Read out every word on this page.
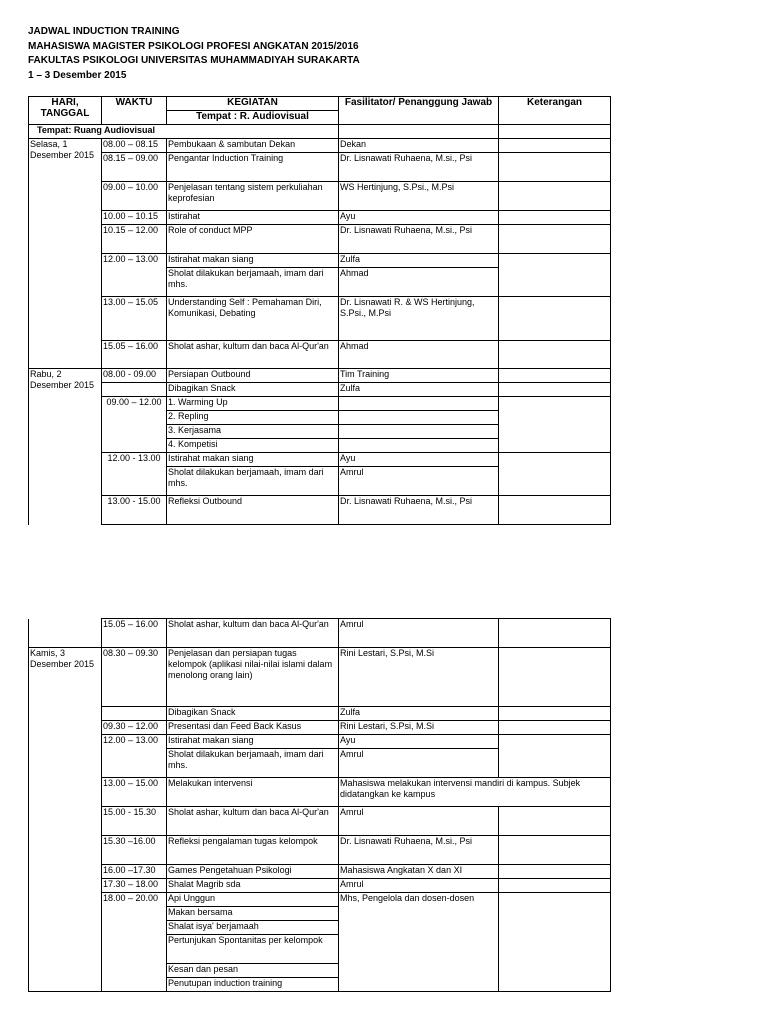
JADWAL INDUCTION TRAINING
MAHASISWA MAGISTER PSIKOLOGI PROFESI ANGKATAN 2015/2016
FAKULTAS PSIKOLOGI UNIVERSITAS MUHAMMADIYAH SURAKARTA
1 – 3 Desember 2015
HARI, TANGGAL	WAKTU	KEGIATAN	Fasilitator/ Penanggung Jawab	Keterangan
		Tempat : R. Audiovisual		
Tempat: Ruang Audiovisual				
Selasa, 1 Desember 2015	08.00 – 08.15	Pembukaan & sambutan Dekan	Dekan	
	08.15 – 09.00	Pengantar Induction Training	Dr. Lisnawati Ruhaena, M.si., Psi	
	09.00 – 10.00	Penjelasan tentang sistem perkuliahan keprofesian	WS Hertinjung, S.Psi., M.Psi	
	10.00 – 10.15	Istirahat	Ayu	
	10.15 – 12.00	Role of conduct MPP	Dr. Lisnawati Ruhaena, M.si., Psi	
	12.00 – 13.00	Istirahat makan siang	Zulfa	
		Sholat dilakukan berjamaah, imam dari mhs.	Ahmad	
	13.00 – 15.05	Understanding Self : Pemahaman Diri, Komunikasi, Debating	Dr. Lisnawati R. & WS Hertinjung, S.Psi., M.Psi	
	15.05 – 16.00	Sholat ashar, kultum dan baca Al-Qur'an	Ahmad	
Rabu, 2 Desember 2015	08.00 - 09.00	Persiapan Outbound	Tim Training	
		Dibagikan Snack	Zulfa	
	09.00 – 12.00	1. Warming Up		
		2. Repling		
		3. Kerjasama		
		4. Kompetisi		
	12.00 - 13.00	Istirahat makan siang	Ayu	
		Sholat dilakukan berjamaah, imam dari mhs.	Amrul	
	13.00 - 15.00	Refleksi Outbound	Dr. Lisnawati Ruhaena, M.si., Psi	
	15.05 – 16.00	Sholat ashar, kultum dan baca Al-Qur'an	Amrul	
Kamis, 3 Desember 2015	08.30 – 09.30	Penjelasan dan persiapan tugas kelompok (aplikasi nilai-nilai islami dalam menolong orang lain)	Rini Lestari, S.Psi, M.Si	
		Dibagikan Snack	Zulfa	
	09.30 – 12.00	Presentasi dan Feed Back Kasus	Rini Lestari, S.Psi, M.Si	
	12.00 – 13.00	Istirahat makan siang	Ayu	
		Sholat dilakukan berjamaah, imam dari mhs.	Amrul	
	13.00 – 15.00	Melakukan intervensi	Mahasiswa melakukan intervensi mandiri di kampus. Subjek didatangkan ke kampus	
	15.00 - 15.30	Sholat ashar, kultum dan baca Al-Qur'an	Amrul	
	15.30 –16.00	Refleksi pengalaman tugas kelompok	Dr. Lisnawati Ruhaena, M.si., Psi	
	16.00 –17.30	Games Pengetahuan Psikologi	Mahasiswa Angkatan X dan XI	
	17.30 – 18.00	Shalat Magrib sda	Amrul	
	18.00 – 20.00	Api Unggun	Mhs, Pengelola dan dosen-dosen	
		Makan bersama		
		Shalat isya' berjamaah		
		Pertunjukan Spontanitas per kelompok		
		Kesan dan pesan		
		Penutupan induction training		
